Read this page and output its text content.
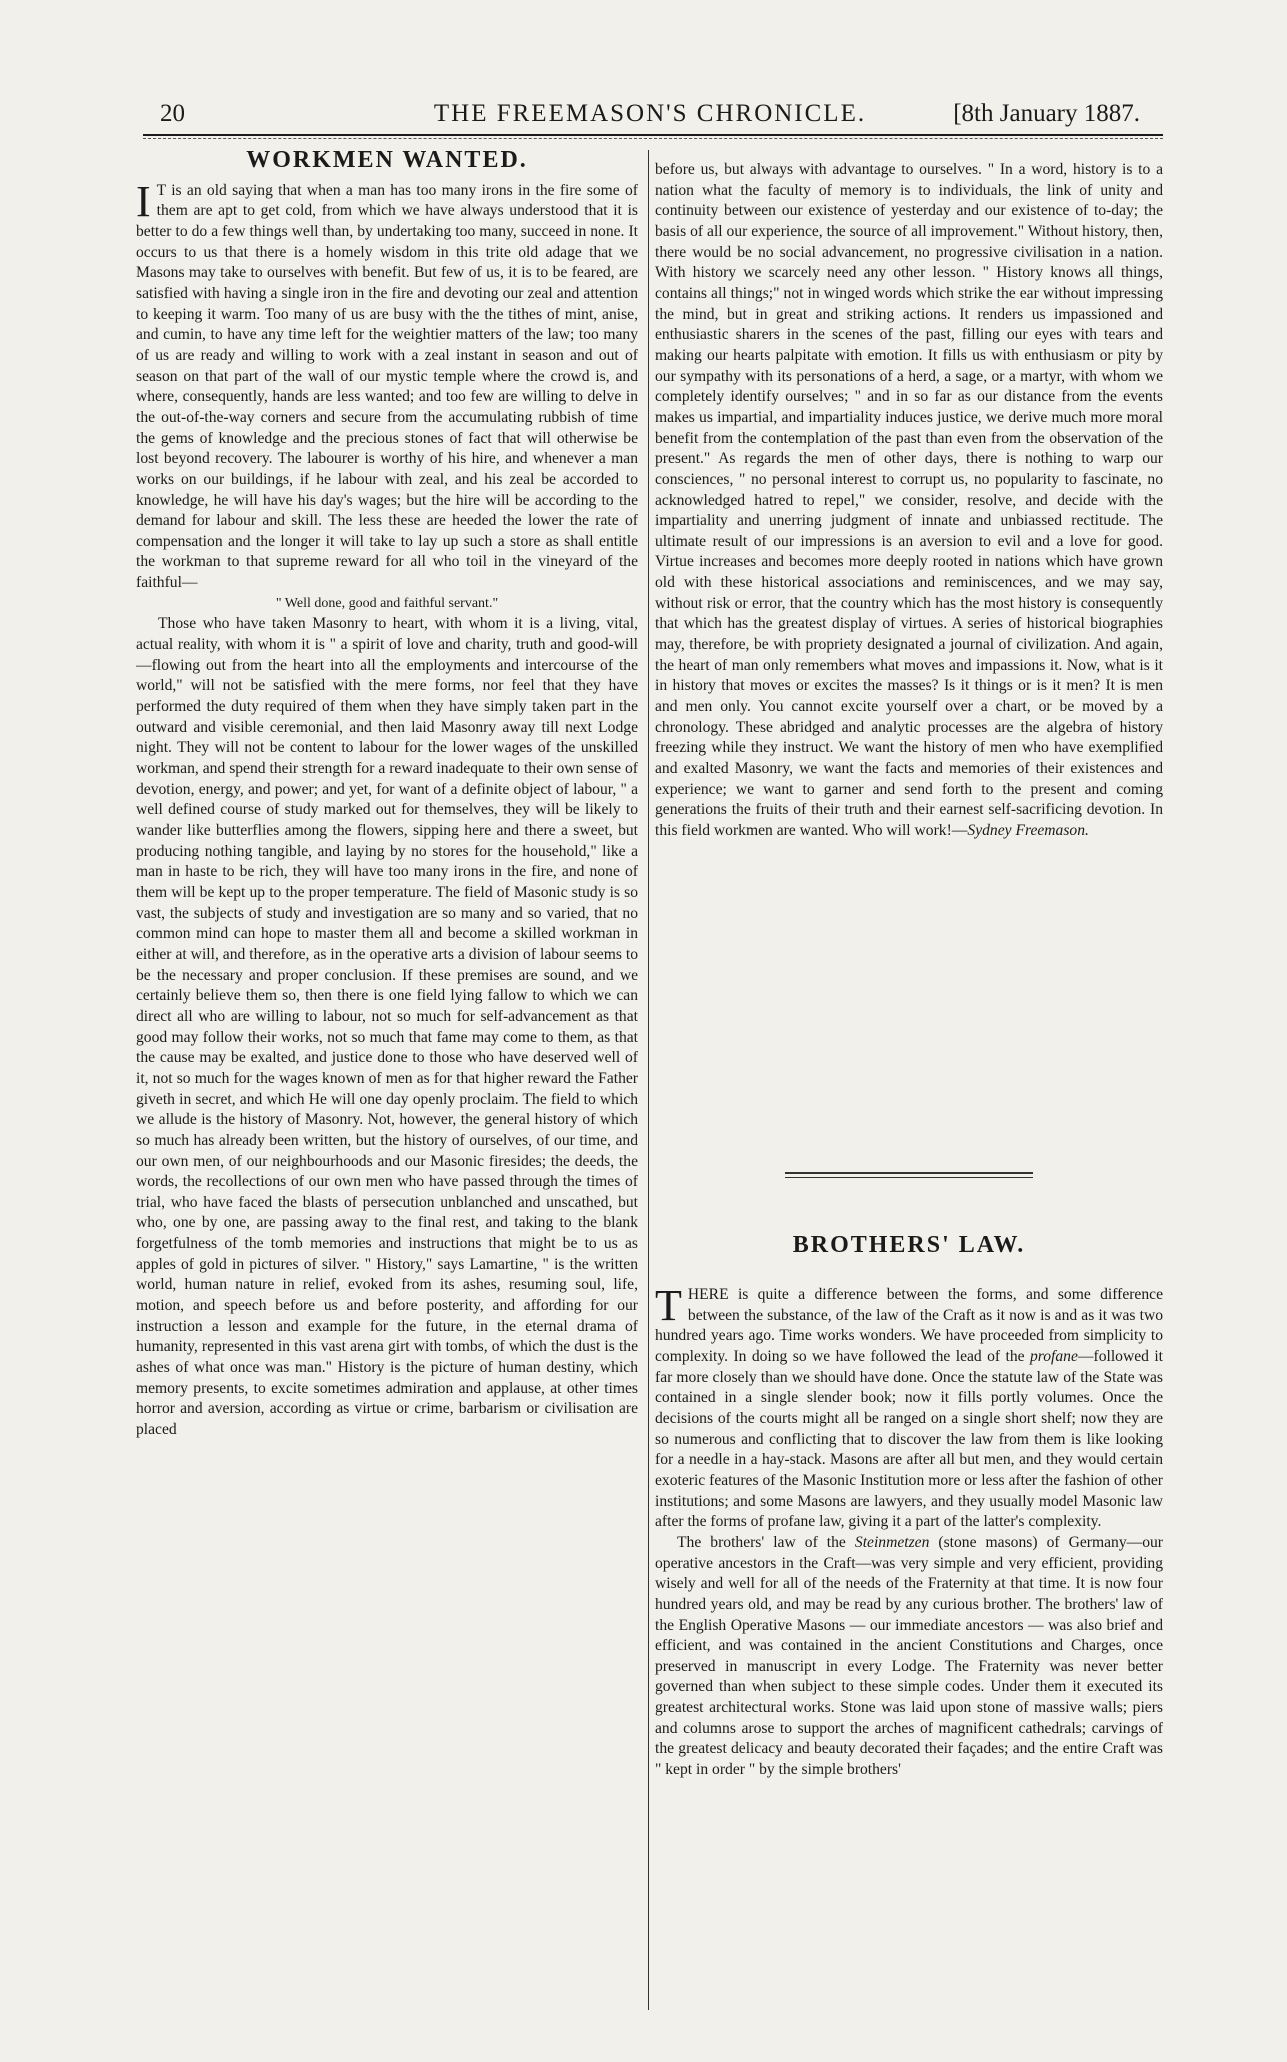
20	THE FREEMASON'S CHRONICLE.	[8th January 1887.
WORKMEN WANTED.

I T is an old saying that when a man has too many irons in the fire some of them are apt to get cold, from which we have always understood that it is better to do a few things well than, by undertaking too many, succeed in none. It occurs to us that there is a homely wisdom in this trite old adage that we Masons may take to ourselves with benefit. But few of us, it is to be feared, are satisfied with having a single iron in the fire and devoting our zeal and attention to keeping it warm. Too many of us are busy with the the tithes of mint, anise, and cumin, to have any time left for the weightier matters of the law; too many of us are ready and willing to work with a zeal instant in season and out of season on that part of the wall of our mystic temple where the crowd is, and where, consequently, hands are less wanted; and too few are willing to delve in the out-of-the-way corners and secure from the accumulating rubbish of time the gems of knowledge and the precious stones of fact that will otherwise be lost beyond recovery. The labourer is worthy of his hire, and whenever a man works on our buildings, if he labour with zeal, and his zeal be accorded to knowledge, he will have his day's wages; but the hire will be according to the demand for labour and skill. The less these are heeded the lower the rate of compensation and the longer it will take to lay up such a store as shall entitle the workman to that supreme reward for all who toil in the vineyard of the faithful—

" Well done, good and faithful servant."

Those who have taken Masonry to heart, with whom it is a living, vital, actual reality, with whom it is " a spirit of love and charity, truth and good-will—flowing out from the heart into all the employments and intercourse of the world," will not be satisfied with the mere forms, nor feel that they have performed the duty required of them when they have simply taken part in the outward and visible ceremonial, and then laid Masonry away till next Lodge night. They will not be content to labour for the lower wages of the unskilled workman, and spend their strength for a reward inadequate to their own sense of devotion, energy, and power; and yet, for want of a definite object of labour, " a well defined course of study marked out for themselves, they will be likely to wander like butterflies among the flowers, sipping here and there a sweet, but producing nothing tangible, and laying by no stores for the household," like a man in haste to be rich, they will have too many irons in the fire, and none of them will be kept up to the proper temperature. The field of Masonic study is so vast, the subjects of study and investigation are so many and so varied, that no common mind can hope to master them all and become a skilled workman in either at will, and therefore, as in the operative arts a division of labour seems to be the necessary and proper conclusion. If these premises are sound, and we certainly believe them so, then there is one field lying fallow to which we can direct all who are willing to labour, not so much for self-advancement as that good may follow their works, not so much that fame may come to them, as that the cause may be exalted, and justice done to those who have deserved well of it, not so much for the wages known of men as for that higher reward the Father giveth in secret, and which He will one day openly proclaim. The field to which we allude is the history of Masonry. Not, however, the general history of which so much has already been written, but the history of ourselves, of our time, and our own men, of our neighbourhoods and our Masonic firesides; the deeds, the words, the recollections of our own men who have passed through the times of trial, who have faced the blasts of persecution unblanched and unscathed, but who, one by one, are passing away to the final rest, and taking to the blank forgetfulness of the tomb memories and instructions that might be to us as apples of gold in pictures of silver. " History," says Lamartine, " is the written world, human nature in relief, evoked from its ashes, resuming soul, life, motion, and speech before us and before posterity, and affording for our instruction a lesson and example for the future, in the eternal drama of humanity, represented in this vast arena girt with tombs, of which the dust is the ashes of what once was man." History is the picture of human destiny, which memory presents, to excite sometimes admiration and applause, at other times horror and aversion, according as virtue or crime, barbarism or civilisation are placed

before us, but always with advantage to ourselves. " In a word, history is to a nation what the faculty of memory is to individuals, the link of unity and continuity between our existence of yesterday and our existence of to-day; the basis of all our experience, the source of all improvement." Without history, then, there would be no social advancement, no progressive civilisation in a nation. With history we scarcely need any other lesson. " History knows all things, contains all things;" not in winged words which strike the ear without impressing the mind, but in great and striking actions. It renders us impassioned and enthusiastic sharers in the scenes of the past, filling our eyes with tears and making our hearts palpitate with emotion. It fills us with enthusiasm or pity by our sympathy with its personations of a herd, a sage, or a martyr, with whom we completely identify ourselves; " and in so far as our distance from the events makes us impartial, and impartiality induces justice, we derive much more moral benefit from the contemplation of the past than even from the observation of the present." As regards the men of other days, there is nothing to warp our consciences, " no personal interest to corrupt us, no popularity to fascinate, no acknowledged hatred to repel," we consider, resolve, and decide with the impartiality and unerring judgment of innate and unbiassed rectitude. The ultimate result of our impressions is an aversion to evil and a love for good. Virtue increases and becomes more deeply rooted in nations which have grown old with these historical associations and reminiscences, and we may say, without risk or error, that the country which has the most history is consequently that which has the greatest display of virtues. A series of historical biographies may, therefore, be with propriety designated a journal of civilization. And again, the heart of man only remembers what moves and impassions it. Now, what is it in history that moves or excites the masses? Is it things or is it men? It is men and men only. You cannot excite yourself over a chart, or be moved by a chronology. These abridged and analytic processes are the algebra of history freezing while they instruct. We want the history of men who have exemplified and exalted Masonry, we want the facts and memories of their existences and experience; we want to garner and send forth to the present and coming generations the fruits of their truth and their earnest self-sacrificing devotion. In this field workmen are wanted. Who will work!—Sydney Freemason.

BROTHERS' LAW.

THERE is quite a difference between the forms, and some difference between the substance, of the law of the Craft as it now is and as it was two hundred years ago. Time works wonders. We have proceeded from simplicity to complexity. In doing so we have followed the lead of the profane—followed it far more closely than we should have done. Once the statute law of the State was contained in a single slender book; now it fills portly volumes. Once the decisions of the courts might all be ranged on a single short shelf; now they are so numerous and conflicting that to discover the law from them is like looking for a needle in a hay-stack. Masons are after all but men, and they would certain exoteric features of the Masonic Institution more or less after the fashion of other institutions; and some Masons are lawyers, and they usually model Masonic law after the forms of profane law, giving it a part of the latter's complexity.

The brothers' law of the Steinmetzen (stone masons) of Germany—our operative ancestors in the Craft—was very simple and very efficient, providing wisely and well for all of the needs of the Fraternity at that time. It is now four hundred years old, and may be read by any curious brother. The brothers' law of the English Operative Masons — our immediate ancestors — was also brief and efficient, and was contained in the ancient Constitutions and Charges, once preserved in manuscript in every Lodge. The Fraternity was never better governed than when subject to these simple codes. Under them it executed its greatest architectural works. Stone was laid upon stone of massive walls; piers and columns arose to support the arches of magnificent cathedrals; carvings of the greatest delicacy and beauty decorated their façades; and the entire Craft was " kept in order " by the simple brothers'
